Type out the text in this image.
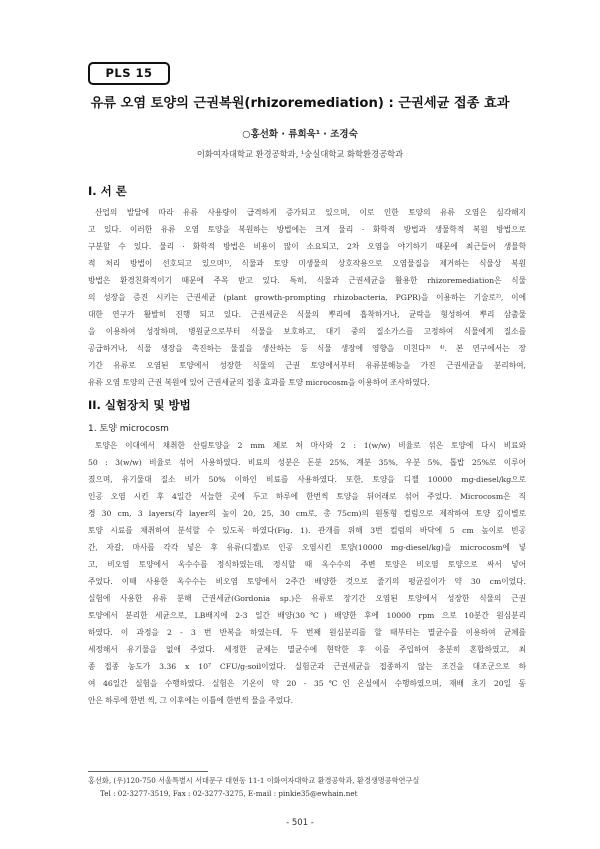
PLS 15
유류 오염 토양의 근권복원(rhizoremediation) : 근권세균 접종 효과
○홍선화 · 류희욱¹ · 조경숙
이화여자대학교 환경공학과, ¹숭실대학교 화학환경공학과
I. 서 론
산업의 발달에 따라 유류 사용량이 급격하게 증가되고 있으며, 이로 인한 토양의 유류 오염은 심각해지
고 있다. 이러한 유류 오염 토양을 복원하는 방법에는 크게 물리 · 화학적 방법과 생물학적 복원 방법으로
구분할 수 있다. 물리 · 화학적 방법은 비용이 많이 소요되고, 2차 오염을 야기하기 때문에 최근들어 생물학
적 처리 방법이 선호되고 있으며¹⁾, 식물과 토양 미생물의 상호작용으로 오염물질을 제거하는 식물상 복원
방법은 환경친화적이기 때문에 주목 받고 있다. 특히, 식물과 근권세균을 활용한 rhizoremediation은 식물
의 성장을 증진 시키는 근권세균 (plant growth-prompting rhizobacteria, PGPR)을 이용하는 기술로²⁾, 이에
대한 연구가 활발히 진행 되고 있다. 근권세균은 식물의 뿌리에 흡착하거나, 균락을 형성하여 뿌리 삼출물
을 이용하여 성장하며, 병원균으로부터 식물을 보호하고, 대기 중의 질소가스를 고정하여 식물에게 질소를
공급하거나, 식물 생장을 촉진하는 물질을 생산하는 등 식물 생장에 영향을 미친다³⁾ ⁴⁾. 본 연구에서는 장
기간 유류로 오염된 토양에서 성장한 식물의 근권 토양에서부터 유류분해능을 가진 근권세균을 분리하여,
유류 오염 토양의 근권 복원에 있어 근권세균의 접종 효과를 토양 microcosm을 이용하여 조사하였다.
II. 실험장치 및 방법
1. 토양 microcosm
토양은 이대에서 채취한 산림토양을 2 mm 체로 쳐 마사와 2 : 1(w/w) 비율로 섞은 토양에 다시 비료와
50 : 3(w/w) 비율로 섞어 사용하였다. 비료의 성분은 돈분 25%, 계분 35%, 우분 5%, 톱밥 25%로 이루어
졌으며, 유기물대 질소 비가 50% 이하인 비료를 사용하였다. 또한, 토양을 디젤 10000 mg-diesel/kg으로
인공 오염 시킨 후 4일간 서늘한 곳에 두고 하루에 한번씩 토양을 뒤어래로 섞어 주었다. Microcosm은 직
경 30 cm, 3 layers(각 layer의 높이 20, 25, 30 cm로, 총 75cm)의 원통형 컬럼으로 제작하여 토양 깊이별로
토양 시료를 채취하여 분석할 수 있도록 하였다(Fig. 1). 관개를 위해 3번 컬럼의 바닥에 5 cm 높이로 빈공
간, 자갈, 마사를 각각 넣은 후 유류(디젤)로 인공 오염시킨 토양(10000 mg-diesel/kg)을 microcosm에 넣
고, 비오염 토양에서 옥수수를 정식하였는데, 정식할 때 옥수수의 주변 토양은 비오염 토양으로 싸서 넣어
주었다. 이때 사용한 옥수수는 비오염 토양에서 2주간 배양한 것으로 줄기의 평균길이가 약 30 cm이었다.
실험에 사용한 유류 분해 근권세균(Gordonia sp.)은 유류로 장기간 오염된 토양에서 성장한 식물의 근권
토양에서 분리한 세균으로, LB배지에 2-3 일간 배양(30℃) 배양한 후에 10000 rpm 으로 10분간 원심분리
하였다. 이 과정을 2 - 3 번 반복을 하였는데, 두 번째 원심분리를 할 때부터는 멸균수를 이용하여 균체를
세정해서 유기물을 없애 주었다. 세정한 균체는 멸균수에 현탁한 후 이를 주입하여 충분히 혼합하였고, 최
종 접종 농도가 3.36 x 10⁷ CFU/g-soil이었다. 실험군과 근권세균을 접종하지 않는 조건을 대조군으로 하
여 46일간 실험을 수행하였다. 실험은 기온이 약 20 - 35℃인 온실에서 수행하였으며, 재배 초기 20일 동
안은 하루에 한번 씩, 그 이후에는 이틀에 한번씩 물을 주었다.
홍선화, (우)120-750 서울특별시 서대문구 대현동 11-1 이화여자대학교 환경공학과, 환경생명공학연구실
Tel : 02-3277-3519, Fax : 02-3277-3275, E-mail : pinkie35@ewhain.net
- 501 -
